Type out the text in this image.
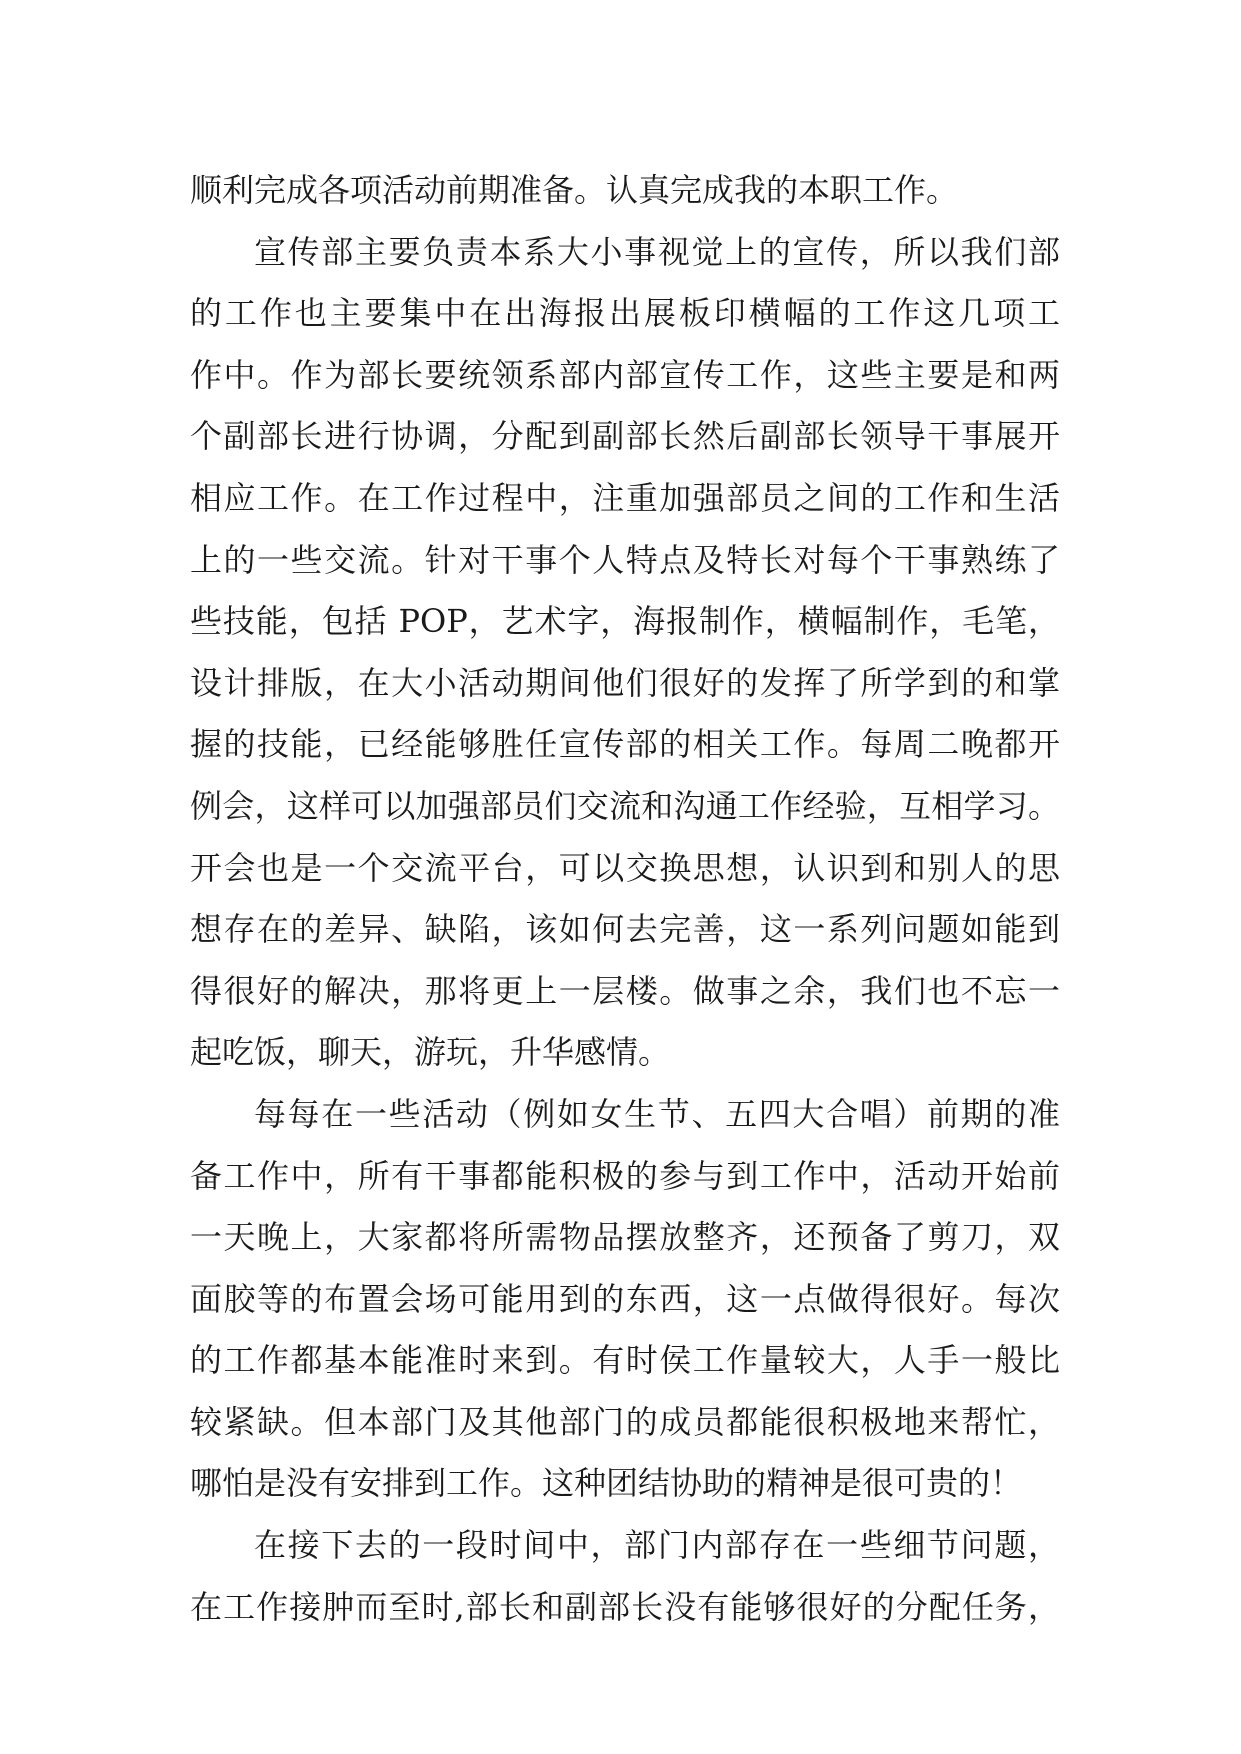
顺利完成各项活动前期准备。认真完成我的本职工作。
宣传部主要负责本系大小事视觉上的宣传，所以我们部
的工作也主要集中在出海报出展板印横幅的工作这几项工
作中。作为部长要统领系部内部宣传工作，这些主要是和两
个副部长进行协调，分配到副部长然后副部长领导干事展开
相应工作。在工作过程中，注重加强部员之间的工作和生活
上的一些交流。针对干事个人特点及特长对每个干事熟练了
些技能，包括 POP，艺术字，海报制作，横幅制作，毛笔，
设计排版，在大小活动期间他们很好的发挥了所学到的和掌
握的技能，已经能够胜任宣传部的相关工作。每周二晚都开
例会，这样可以加强部员们交流和沟通工作经验，互相学习。
开会也是一个交流平台，可以交换思想，认识到和别人的思
想存在的差异、缺陷，该如何去完善，这一系列问题如能到
得很好的解决，那将更上一层楼。做事之余，我们也不忘一
起吃饭，聊天，游玩，升华感情。
每每在一些活动（例如女生节、五四大合唱）前期的准
备工作中，所有干事都能积极的参与到工作中，活动开始前
一天晚上，大家都将所需物品摆放整齐，还预备了剪刀，双
面胶等的布置会场可能用到的东西，这一点做得很好。每次
的工作都基本能准时来到。有时侯工作量较大，人手一般比
较紧缺。但本部门及其他部门的成员都能很积极地来帮忙，
哪怕是没有安排到工作。这种团结协助的精神是很可贵的！
在接下去的一段时间中，部门内部存在一些细节问题，
在工作接肿而至时,部长和副部长没有能够很好的分配任务，
